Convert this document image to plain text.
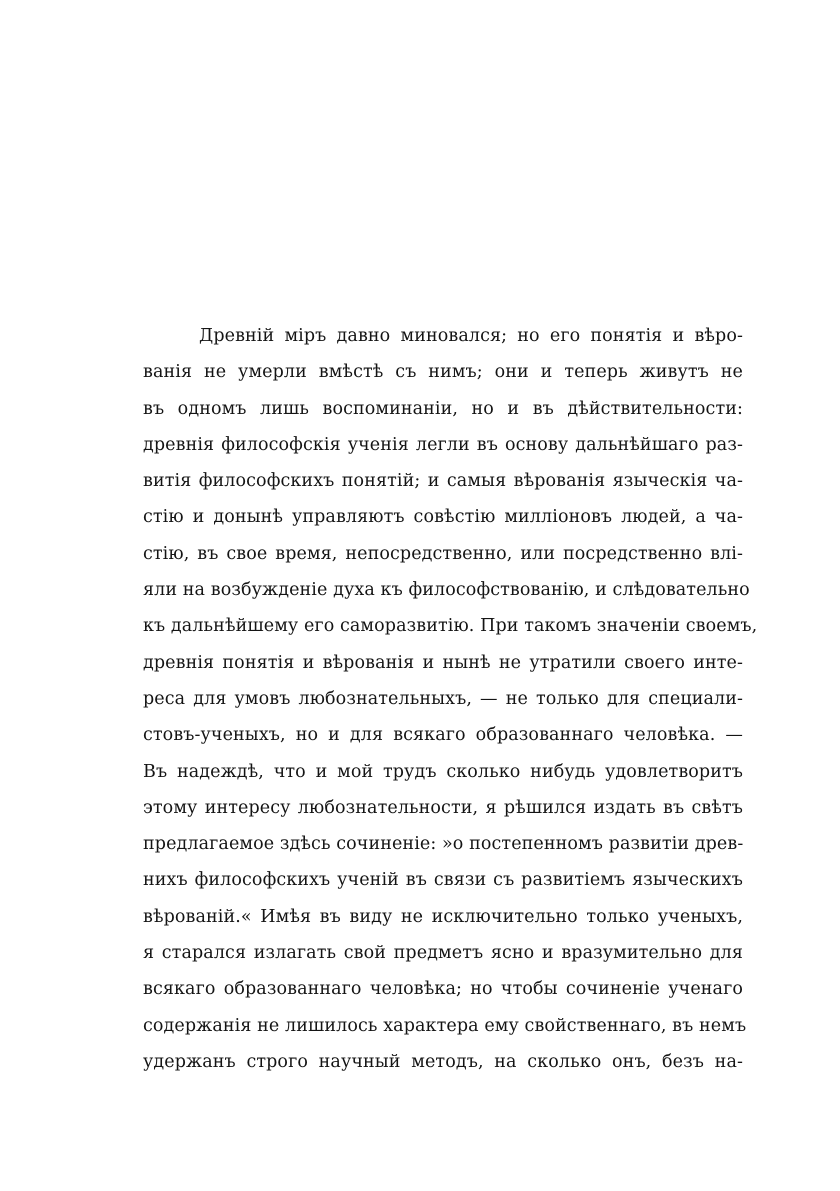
Древній міръ давно миновался; но его понятія и вѣро-
ванія не умерли вмѣстѣ съ нимъ; они и теперь живутъ не
въ одномъ лишь воспоминаніи, но и въ дѣйствительности:
древнія философскія ученія легли въ основу дальнѣйшаго раз-
витія философскихъ понятій; и самыя вѣрованія языческія ча-
стію и донынѣ управляютъ совѣстію милліоновъ людей, а ча-
стію, въ свое время, непосредственно, или посредственно влі-
яли на возбужденіе духа къ философствованію, и слѣдовательно
къ дальнѣйшему его саморазвитію. При такомъ значеніи своемъ,
древнія понятія и вѣрованія и нынѣ не утратили своего инте-
реса для умовъ любознательныхъ, — не только для специали-
стовъ-ученыхъ, но и для всякаго образованнаго человѣка. —
Въ надеждѣ, что и мой трудъ сколько нибудь удовлетворитъ
этому интересу любознательности, я рѣшился издать въ свѣтъ
предлагаемое здѣсь сочиненіе: »о постепенномъ развитіи древ-
нихъ философскихъ ученій въ связи съ развитіемъ языческихъ
вѣрованій.« Имѣя въ виду не исключительно только ученыхъ,
я старался излагать свой предметъ ясно и вразумительно для
всякаго образованнаго человѣка; но чтобы сочиненіе ученаго
содержанія не лишилось характера ему свойственнаго, въ немъ
удержанъ строго научный методъ, на сколько онъ, безъ на-
